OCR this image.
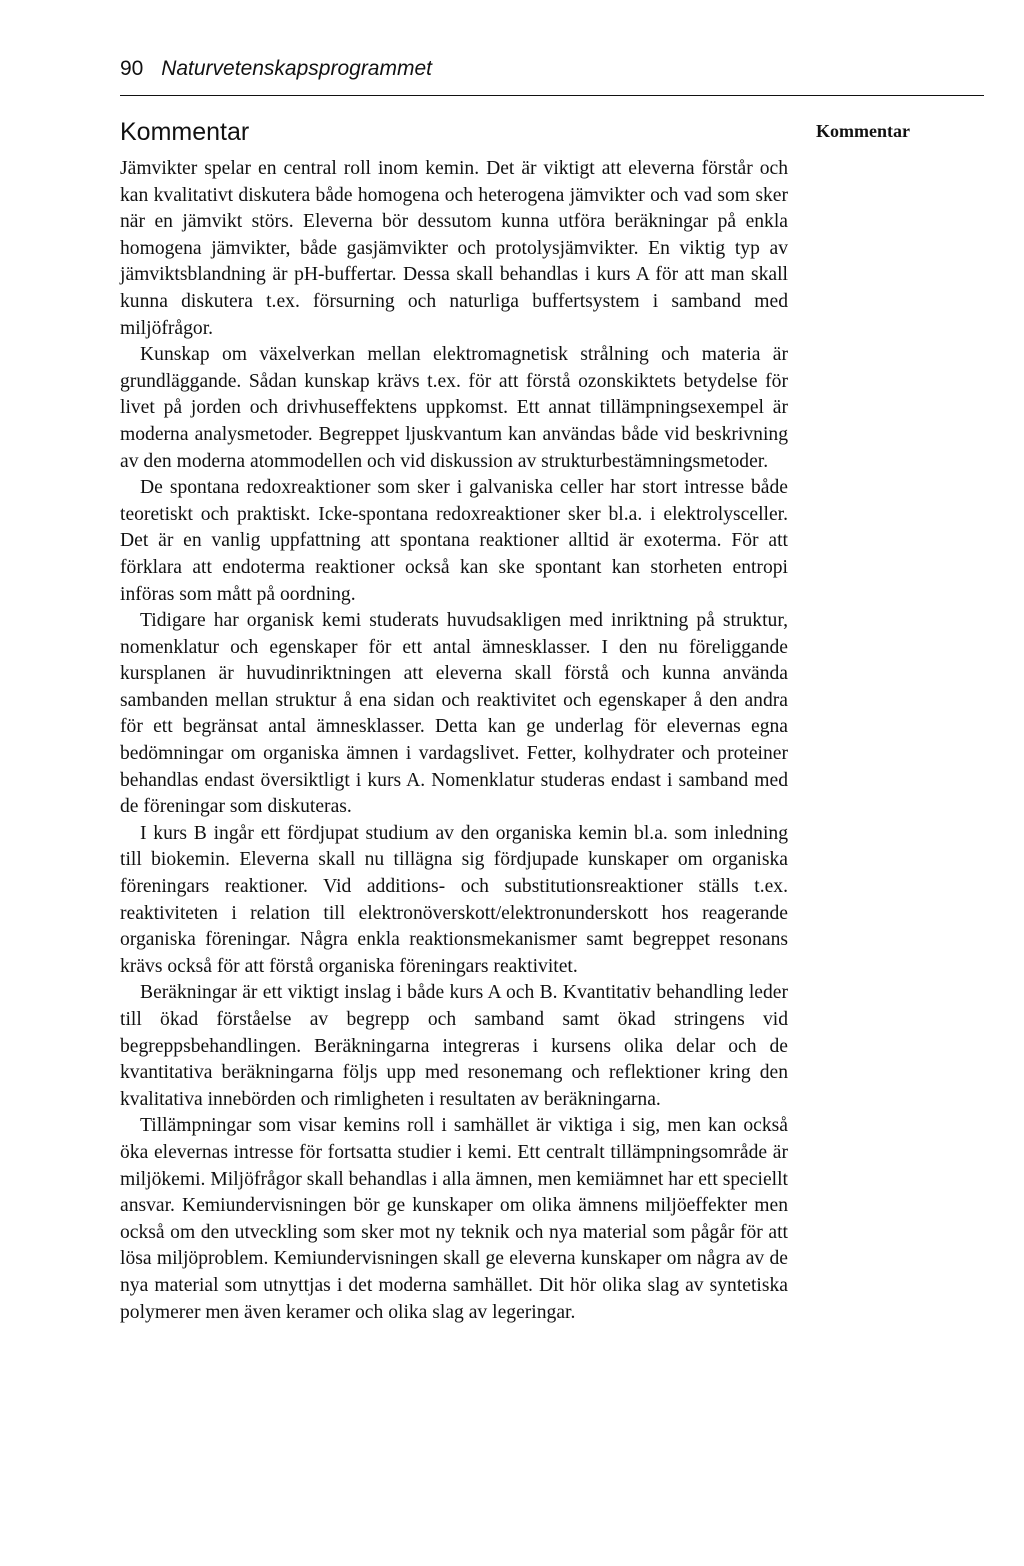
90 Naturvetenskapsprogrammet
Kommentar	Kommentar

Jämvikter spelar en central roll inom kemin. Det är viktigt att eleverna förstår och kan kvalitativt diskutera både homogena och heterogena jämvikter och vad som sker när en jämvikt störs. Eleverna bör dessutom kunna utföra beräkningar på enkla homogena jämvikter, både gasjämvikter och protolysjämvikter. En viktig typ av jämviktsblandning är pH-buffertar. Dessa skall behandlas i kurs A för att man skall kunna diskutera t.ex. försurning och naturliga buffertsystem i samband med miljöfrågor.

Kunskap om växelverkan mellan elektromagnetisk strålning och materia är grundläggande. Sådan kunskap krävs t.ex. för att förstå ozonskiktets betydelse för livet på jorden och drivhuseffektens uppkomst. Ett annat tillämpningsexempel är moderna analysmetoder. Begreppet ljuskvantum kan användas både vid beskrivning av den moderna atommodellen och vid diskussion av strukturbestämningsmetoder.

De spontana redoxreaktioner som sker i galvaniska celler har stort intresse både teoretiskt och praktiskt. Icke-spontana redoxreaktioner sker bl.a. i elektrolysceller. Det är en vanlig uppfattning att spontana reaktioner alltid är exoterma. För att förklara att endoterma reaktioner också kan ske spontant kan storheten entropi införas som mått på oordning.

Tidigare har organisk kemi studerats huvudsakligen med inriktning på struktur, nomenklatur och egenskaper för ett antal ämnesklasser. I den nu föreliggande kursplanen är huvudinriktningen att eleverna skall förstå och kunna använda sambanden mellan struktur å ena sidan och reaktivitet och egenskaper å den andra för ett begränsat antal ämnesklasser. Detta kan ge underlag för elevernas egna bedömningar om organiska ämnen i vardagslivet. Fetter, kolhydrater och proteiner behandlas endast översiktligt i kurs A. Nomenklatur studeras endast i samband med de föreningar som diskuteras.

I kurs B ingår ett fördjupat studium av den organiska kemin bl.a. som inledning till biokemin. Eleverna skall nu tillägna sig fördjupade kunskaper om organiska föreningars reaktioner. Vid additions- och substitutionsreaktioner ställs t.ex. reaktiviteten i relation till elektronöverskott/elektronunderskott hos reagerande organiska föreningar. Några enkla reaktionsmekanismer samt begreppet resonans krävs också för att förstå organiska föreningars reaktivitet.

Beräkningar är ett viktigt inslag i både kurs A och B. Kvantitativ behandling leder till ökad förståelse av begrepp och samband samt ökad stringens vid begreppsbehandlingen. Beräkningarna integreras i kursens olika delar och de kvantitativa beräkningarna följs upp med resonemang och reflektioner kring den kvalitativa innebörden och rimligheten i resultaten av beräkningarna.

Tillämpningar som visar kemins roll i samhället är viktiga i sig, men kan också öka elevernas intresse för fortsatta studier i kemi. Ett centralt tillämpningsområde är miljökemi. Miljöfrågor skall behandlas i alla ämnen, men kemiämnet har ett speciellt ansvar. Kemiundervisningen bör ge kunskaper om olika ämnens miljöeffekter men också om den utveckling som sker mot ny teknik och nya material som pågår för att lösa miljöproblem. Kemiundervisningen skall ge eleverna kunskaper om några av de nya material som utnyttjas i det moderna samhället. Dit hör olika slag av syntetiska polymerer men även keramer och olika slag av legeringar.
